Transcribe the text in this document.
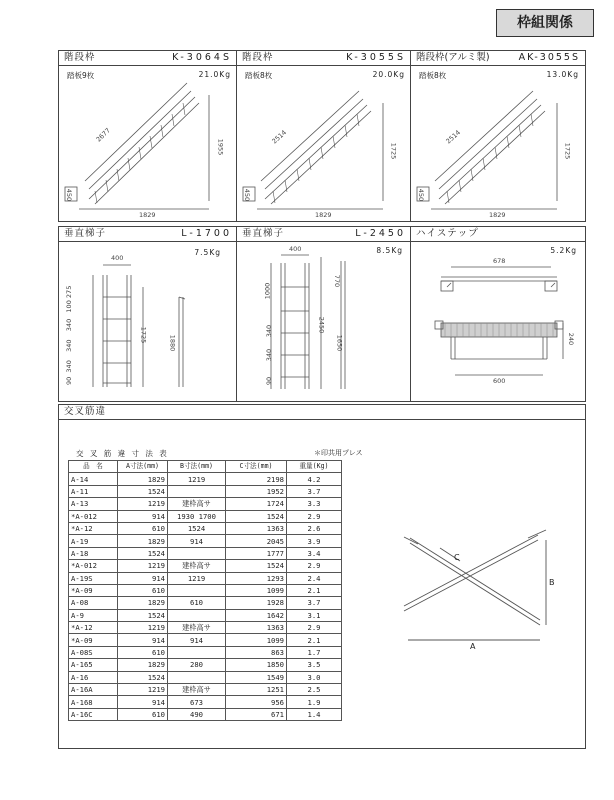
枠組関係
階段枠	K-3064S
踏板9枚	21.0Kg
2677
1955
1829
450
階段枠	K-3055S
踏板8枚	20.0Kg
2514
1725
1829
450
階段枠(アルミ製)	AK-3055S
踏板8枚	13.0Kg
2514
1725
1829
450
垂直梯子	L-1700
7.5Kg
400
90  340    340    340   100 275
1725	1880
垂直梯子	L-2450
8.5Kg
400
1000
340
340
90
2450
770
1650
ハイステップ
5.2Kg
678
240
600
交叉筋違
交 叉 筋 違 寸 法 表	＊印共用プレス
品　名	A寸法(mm)	B寸法(mm)	C寸法(mm)	重量(Kg)
A-14	1829	1219	2198	4.2
A-11	1524		1952	3.7
A-13	1219	建枠高サ	1724	3.3
*A-012	914	1930 1700	1524	2.9
*A-12	610	1524	1363	2.6
A-19	1829	914	2045	3.9
A-18	1524		1777	3.4
*A-012	1219	建枠高サ	1524	2.9
A-19S	914	1219	1293	2.4
*A-09	610		1099	2.1
A-08	1829	610	1928	3.7
A-9	1524		1642	3.1
*A-12	1219	建枠高サ	1363	2.9
*A-09	914	914	1099	2.1
A-08S	610		863	1.7
A-165	1829	280	1850	3.5
A-16	1524		1549	3.0
A-16A	1219	建枠高サ	1251	2.5
A-168	914	673	956	1.9
A-16C	610	490	671	1.4
C
B
A
